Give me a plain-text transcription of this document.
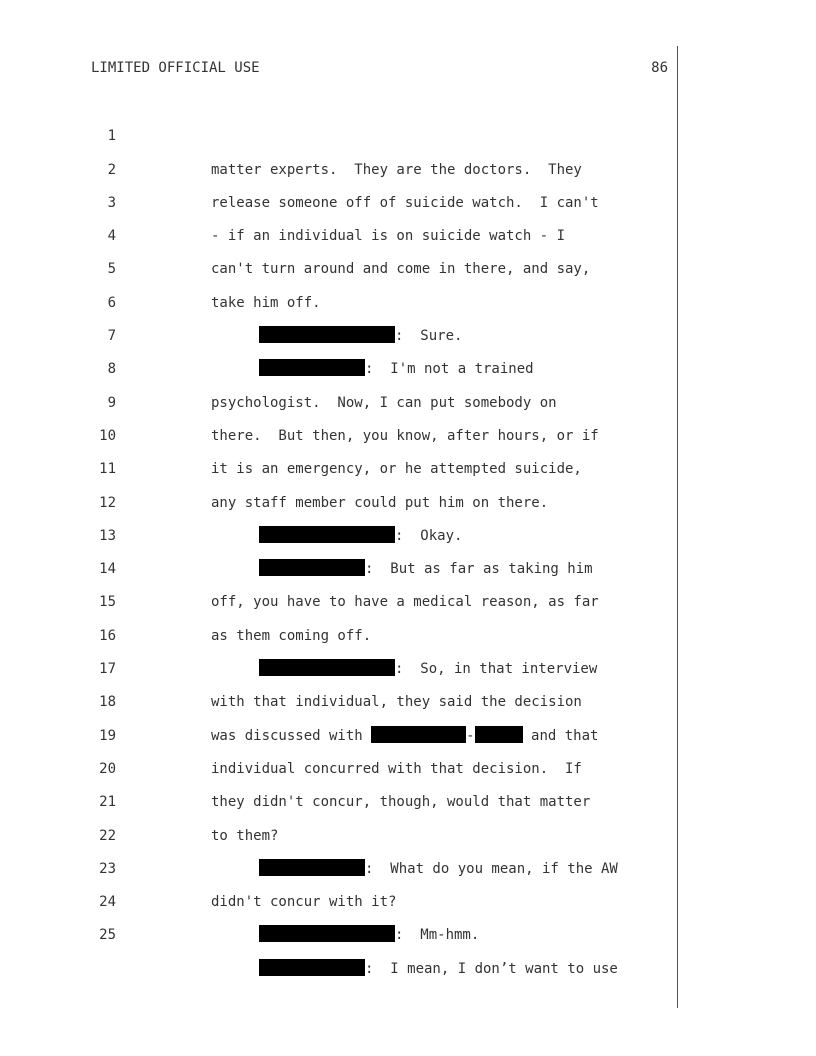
LIMITED OFFICIAL USE	86

1

matter experts.  They are the doctors.  They

2

release someone off of suicide watch.  I can't

3

- if an individual is on suicide watch - I

4

can't turn around and come in there, and say,

5

take him off.

6

:  Sure.

7

:  I'm not a trained

8

psychologist.  Now, I can put somebody on

9

there.  But then, you know, after hours, or if

10

it is an emergency, or he attempted suicide,

11

any staff member could put him on there.

12

:  Okay.

13

:  But as far as taking him

14

off, you have to have a medical reason, as far

15

as them coming off.

16

:  So, in that interview

17

with that individual, they said the decision

18

was discussed with	-	and that

19

individual concurred with that decision.  If

20

they didn't concur, though, would that matter

21

to them?

22

:  What do you mean, if the AW

23

didn't concur with it?

24

:  Mm-hmm.

25

:  I mean, I don’t want to use
